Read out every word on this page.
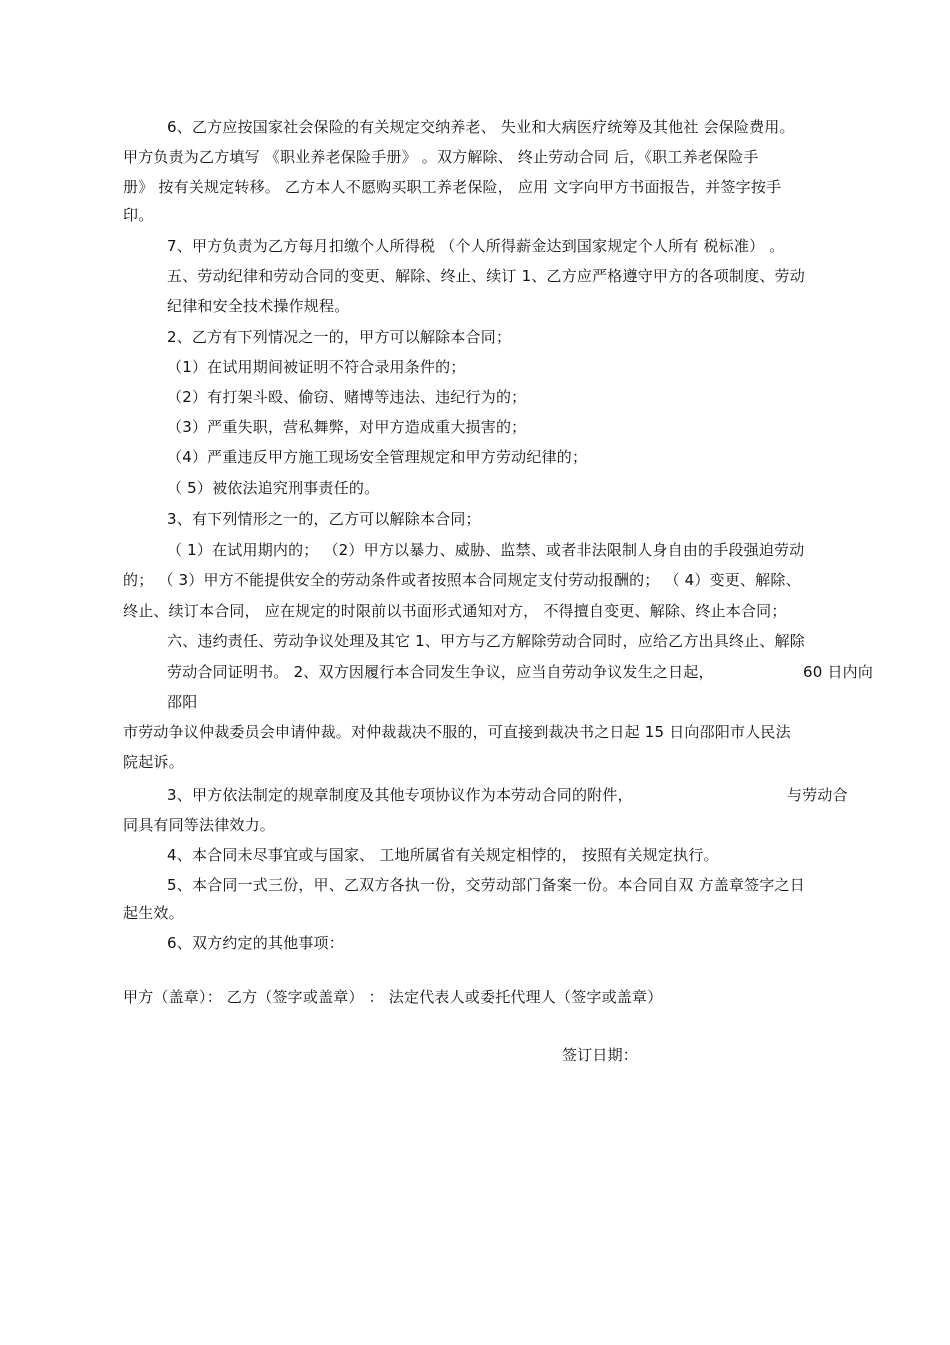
6、乙方应按国家社会保险的有关规定交纳养老、 失业和大病医疗统筹及其他社 会保险费用。
甲方负责为乙方填写 《职业养老保险手册》 。双方解除、 终止劳动合同 后，《职工养老保险手
册》 按有关规定转移。 乙方本人不愿购买职工养老保险， 应用 文字向甲方书面报告，并签字按手
印。
7、甲方负责为乙方每月扣缴个人所得税 （个人所得薪金达到国家规定个人所有 税标准） 。
五、劳动纪律和劳动合同的变更、解除、终止、续订 1、乙方应严格遵守甲方的各项制度、劳动
纪律和安全技术操作规程。
2、乙方有下列情况之一的，甲方可以解除本合同；
（1）在试用期间被证明不符合录用条件的；
（2）有打架斗殴、偷窃、赌博等违法、违纪行为的；
（3）严重失职，营私舞弊，对甲方造成重大损害的；
（4）严重违反甲方施工现场安全管理规定和甲方劳动纪律的；
（ 5）被依法追究刑事责任的。
3、有下列情形之一的，乙方可以解除本合同；
（ 1）在试用期内的； （2）甲方以暴力、威胁、监禁、或者非法限制人身自由的手段强迫劳动
的； （ 3）甲方不能提供安全的劳动条件或者按照本合同规定支付劳动报酬的； （ 4）变更、解除、
终止、续订本合同， 应在规定的时限前以书面形式通知对方， 不得擅自变更、解除、终止本合同；
六、违约责任、劳动争议处理及其它 1、甲方与乙方解除劳动合同时，应给乙方出具终止、解除
劳动合同证明书。 2、双方因履行本合同发生争议，应当自劳动争议发生之日起，	60 日内向
邵阳
市劳动争议仲裁委员会申请仲裁。对仲裁裁决不服的，可直接到裁决书之日起 15 日向邵阳市人民法
院起诉。
3、甲方依法制定的规章制度及其他专项协议作为本劳动合同的附件，	与劳动合
同具有同等法律效力。
4、本合同未尽事宜或与国家、 工地所属省有关规定相悖的， 按照有关规定执行。
5、本合同一式三份，甲、乙双方各执一份，交劳动部门备案一份。本合同自双 方盖章签字之日
起生效。
6、双方约定的其他事项：
甲方（盖章）： 乙方（签字或盖章） ： 法定代表人或委托代理人（签字或盖章）
签订日期：
